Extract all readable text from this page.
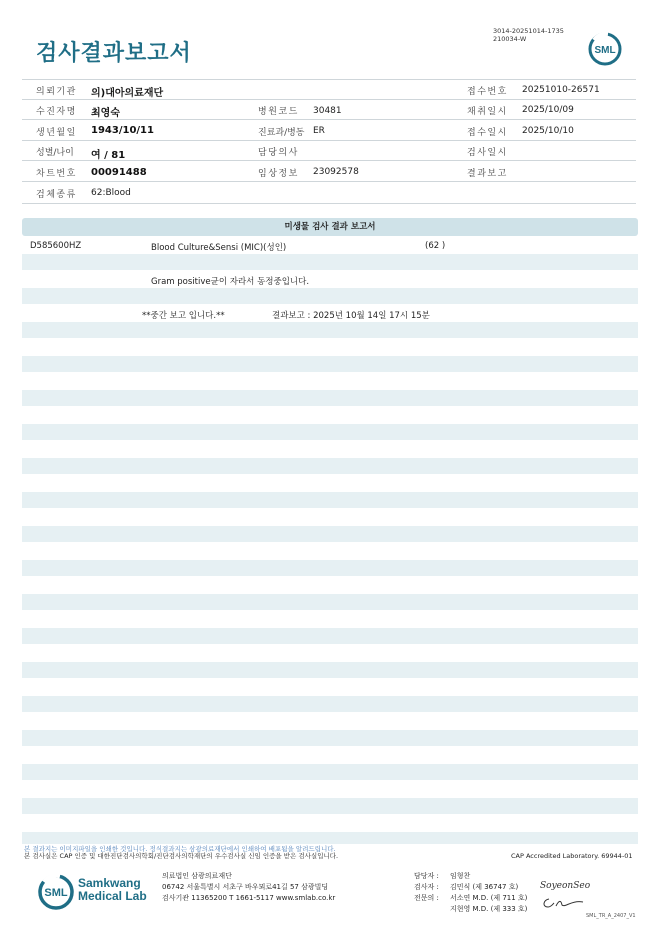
검사결과보고서
3014-20251014-1735
210034-W
SML
의뢰기관 의)대아의료재단	접수번호 20251010-26571
수진자명 최영숙	병원코드 30481	채취일시 2025/10/09
생년월일 1943/10/11	진료과/병동 ER	접수일시 2025/10/10
성별/나이 여 / 81	담당의사	검사일시
차트번호 00091488	임상정보 23092578	결과보고
검체종류 62:Blood
미생물 검사 결과 보고서
D585600HZ	Blood Culture&Sensi (MIC)(성인)	(62 )
Gram positive균이 자라서 동정중입니다.
**중간 보고 입니다.**	결과보고 : 2025년 10월 14일 17시 15분
본 결과지는 이미지파일을 인쇄한 것입니다. 정식결과지는 삼광의료재단에서 인쇄하여 배포됨을 알려드립니다.
본 검사실은 CAP 인증 및 대한진단검사의학회/진단검사의학재단의 우수검사실 신임 인증을 받은 검사실입니다.	CAP Accredited Laboratory. 69944-01
SML
Samkwang
Medical Lab
의료법인 삼광의료재단
06742 서울특별시 서초구 바우뫼로41길 57 삼광빌딩
검사기관 11365200 T 1661-5117 www.smlab.co.kr
담당자 : 임형찬
검사자 : 김민식 (제 36747 호)
전문의 : 서소연 M.D. (제 711 호)
지현영 M.D. (제 333 호)
SoyeonSeo
SML_TR_A_2407_V1
